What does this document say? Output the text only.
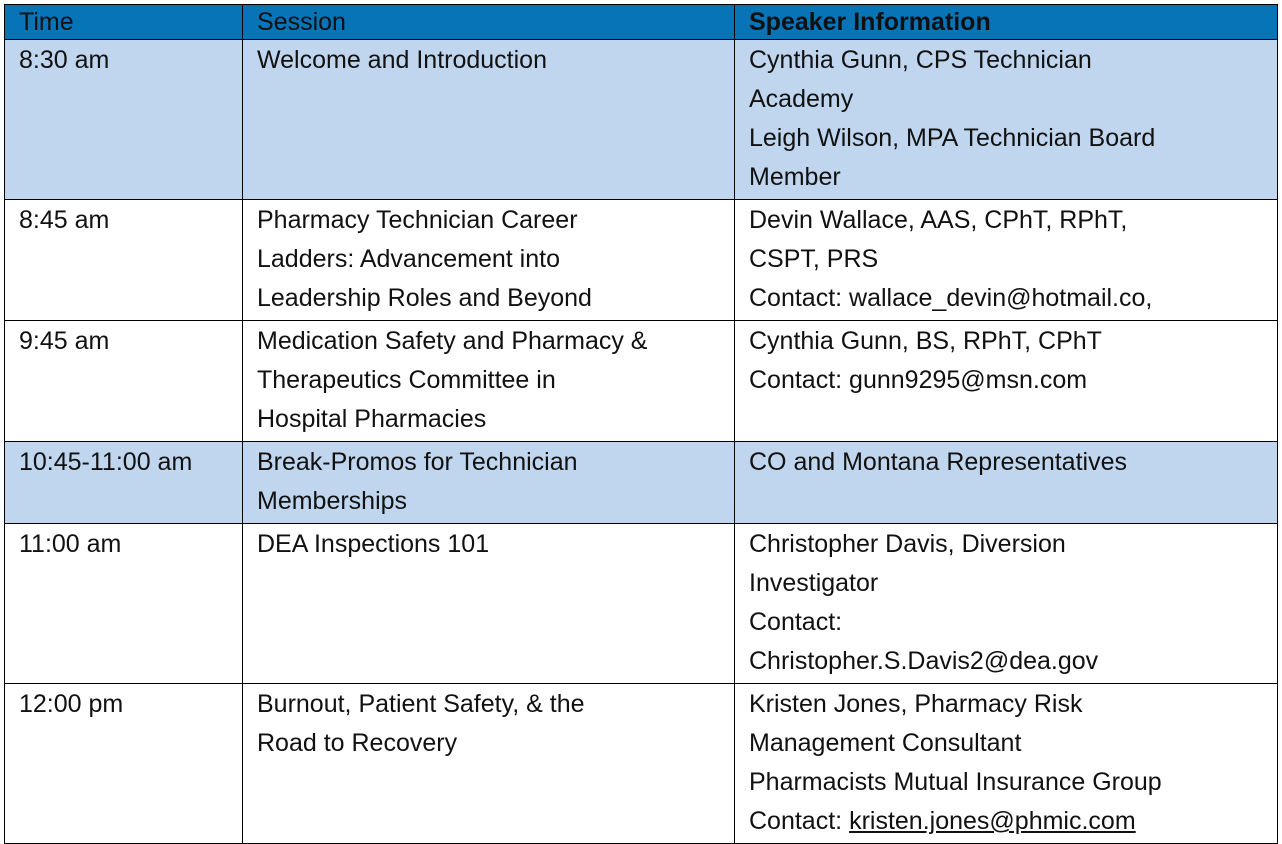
Time	Session	Speaker Information
8:30 am	Welcome and Introduction	Cynthia Gunn, CPS Technician
Academy
Leigh Wilson, MPA Technician Board
Member

8:45 am	Pharmacy Technician Career
Ladders: Advancement into
Leadership Roles and Beyond	Devin Wallace, AAS, CPhT, RPhT,
CSPT, PRS
Contact: wallace_devin@hotmail.co,

9:45 am	Medication Safety and Pharmacy &
Therapeutics Committee in
Hospital Pharmacies	Cynthia Gunn, BS, RPhT, CPhT
Contact: gunn9295@msn.com

10:45-11:00 am	Break-Promos for Technician
Memberships	CO and Montana Representatives

11:00 am	DEA Inspections 101	Christopher Davis, Diversion
Investigator
Contact:
Christopher.S.Davis2@dea.gov

12:00 pm	Burnout, Patient Safety, & the
Road to Recovery	Kristen Jones, Pharmacy Risk
Management Consultant
Pharmacists Mutual Insurance Group
Contact: kristen.jones@phmic.com
